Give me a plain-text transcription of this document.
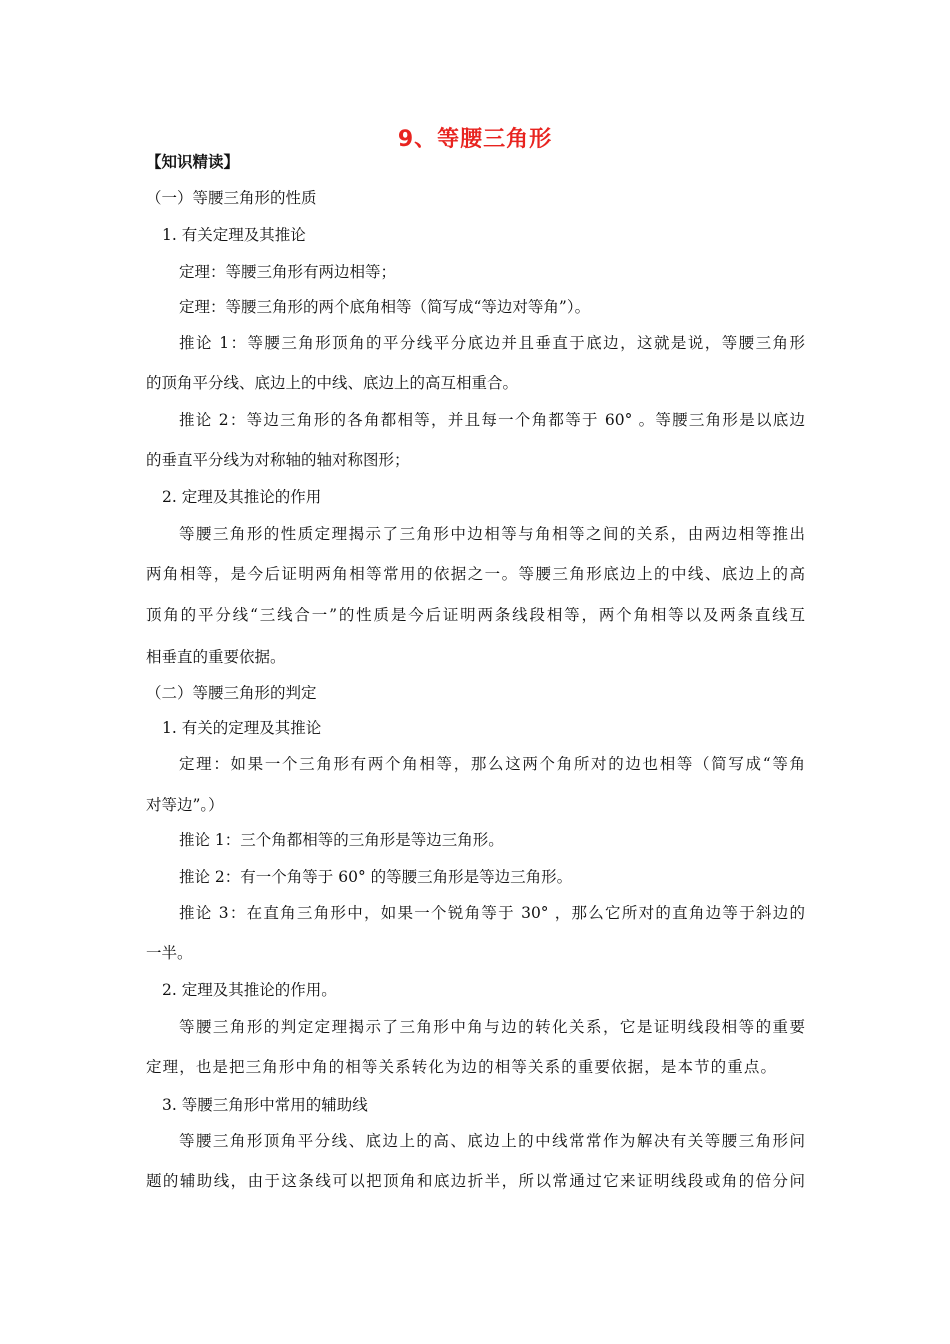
9、等腰三角形
【知识精读】
（一）等腰三角形的性质
1. 有关定理及其推论
定理：等腰三角形有两边相等；
定理：等腰三角形的两个底角相等（简写成“等边对等角”）。
推论 1：等腰三角形顶角的平分线平分底边并且垂直于底边，这就是说，等腰三角形
的顶角平分线、底边上的中线、底边上的高互相重合。
推论 2：等边三角形的各角都相等，并且每一个角都等于 60° 。等腰三角形是以底边
的垂直平分线为对称轴的轴对称图形；
2. 定理及其推论的作用
等腰三角形的性质定理揭示了三角形中边相等与角相等之间的关系，由两边相等推出
两角相等，是今后证明两角相等常用的依据之一。等腰三角形底边上的中线、底边上的高
顶角的平分线“三线合一”的性质是今后证明两条线段相等，两个角相等以及两条直线互
相垂直的重要依据。
（二）等腰三角形的判定
1. 有关的定理及其推论
定理：如果一个三角形有两个角相等，那么这两个角所对的边也相等（简写成“等角
对等边”。）
推论 1：三个角都相等的三角形是等边三角形。
推论 2：有一个角等于 60° 的等腰三角形是等边三角形。
推论 3：在直角三角形中，如果一个锐角等于 30° ，那么它所对的直角边等于斜边的
一半。
2. 定理及其推论的作用。
等腰三角形的判定定理揭示了三角形中角与边的转化关系，它是证明线段相等的重要
定理，也是把三角形中角的相等关系转化为边的相等关系的重要依据，是本节的重点。
3. 等腰三角形中常用的辅助线
等腰三角形顶角平分线、底边上的高、底边上的中线常常作为解决有关等腰三角形问
题的辅助线，由于这条线可以把顶角和底边折半，所以常通过它来证明线段或角的倍分问
